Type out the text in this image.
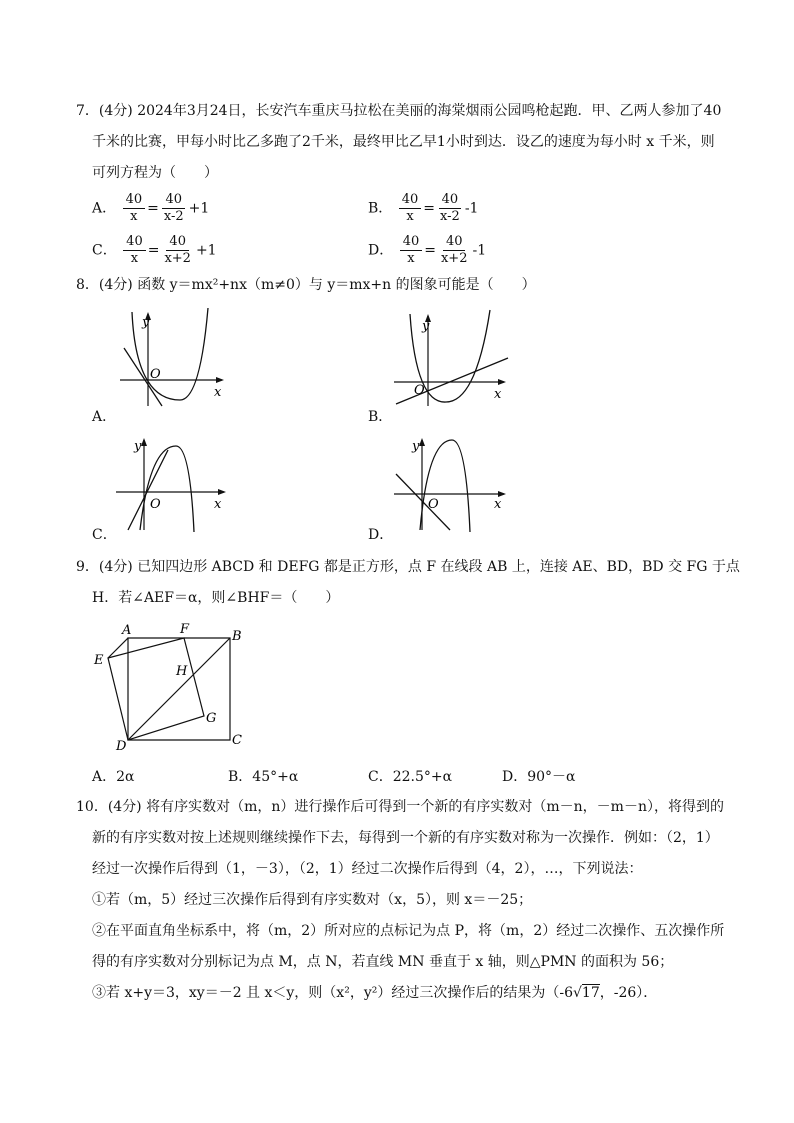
7．(4分) 2024年3月24日，长安汽车重庆马拉松在美丽的海棠烟雨公园鸣枪起跑．甲、乙两人参加了40
千米的比赛，甲每小时比乙多跑了2千米，最终甲比乙早1小时到达．设乙的速度为每小时 x 千米，则
可列方程为（　　）
A． $\frac{40}{x} = \frac{40}{x-2} +1$	B． $\frac{40}{x} = \frac{40}{x-2} -1$
C． $\frac{40}{x} = \frac{40}{x+2} +1$	D． $\frac{40}{x} = \frac{40}{x+2} -1$
8．(4分) 函数 y＝mx²+nx（m≠0）与 y＝mx+n 的图象可能是（　　）
y
O
x
A．
y
O	x
B．
y
O	x
C．
y
O	x
D．
9．(4分) 已知四边形 ABCD 和 DEFG 都是正方形，点 F 在线段 AB 上，连接 AE、BD，BD 交 FG 于点
H．若∠AEF＝α，则∠BHF＝（　　）
A	F	B
E
H
G
C
D
A．2α	B．45°+α	C．22.5°+α	D．90°－α
10．(4分) 将有序实数对（m，n）进行操作后可得到一个新的有序实数对（m－n，－m－n），将得到的
新的有序实数对按上述规则继续操作下去，每得到一个新的有序实数对称为一次操作．例如：（2，1）
经过一次操作后得到（1，－3），（2，1）经过二次操作后得到（4，2），…，下列说法：
①若（m，5）经过三次操作后得到有序实数对（x，5），则 x＝－25；
②在平面直角坐标系中，将（m，2）所对应的点标记为点 P，将（m，2）经过二次操作、五次操作所
得的有序实数对分别标记为点 M，点 N，若直线 MN 垂直于 x 轴，则△PMN 的面积为 56；
③若 x+y＝3，xy＝－2 且 x＜y，则（x²，y²）经过三次操作后的结果为（-6√17，-26）．
